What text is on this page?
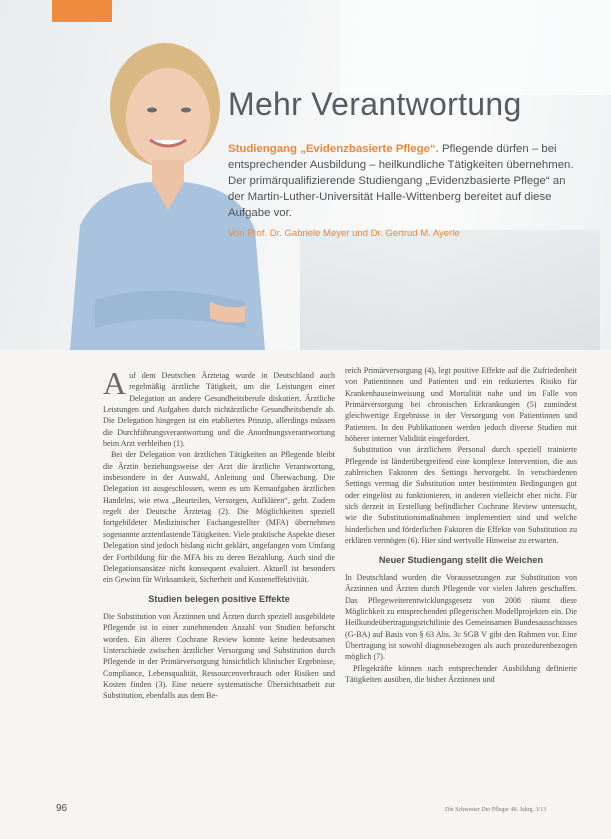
Mehr Verantwortung
Studiengang „Evidenzbasierte Pflege“. Pflegende dürfen – bei entsprechender Ausbildung – heilkundliche Tätigkeiten übernehmen. Der primärqualifizierende Studiengang „Evidenzbasierte Pflege“ an der Martin-Luther-Universität Halle-Wittenberg bereitet auf diese Aufgabe vor.
Von Prof. Dr. Gabriele Meyer und Dr. Gertrud M. Ayerle

Auf dem Deutschen Ärztetag wurde in Deutschland auch regelmäßig ärztliche Tätigkeit, um die Leistungen einer Delegation an andere Gesundheitsberufe diskutiert. Ärztliche Leistungen und Aufgaben durch nichtärztliche Gesundheitsberufe ab. Die Delegation hingegen ist ein etabliertes Prinzip, allerdings müssen die Durchführungsverantwortung und die Anordnungsverantwortung beim Arzt verbleiben (1).

Bei der Delegation von ärztlichen Tätigkeiten an Pflegende bleibt die Ärztin beziehungsweise der Arzt die ärztliche Verantwortung, insbesondere in der Auswahl, Anleitung und Überwachung. Die Delegation ist ausgeschlossen, wenn es um Kernaufgaben ärztlichen Handelns, wie etwa „Beurteilen, Versorgen, Aufklären“, geht. Zudem regelt der Deutsche Ärztetag (2). Die Möglichkeiten speziell fortgebildeter Medizinischer Fachangestellter (MFA) übernehmen sogenannte arztentlastende Tätigkeiten. Viele praktische Aspekte dieser Delegation sind jedoch bislang nicht geklärt, angefangen vom Umfang der Fortbildung für die MFA bis zu deren Bezahlung. Auch sind die Delegationsansätze nicht konsequent evaluiert. Aktuell ist besonders ein Gewinn für Wirksamkeit, Sicherheit und Kosteneffektivität.

Studien belegen positive Effekte

Die Substitution von Ärztinnen und Ärzten durch speziell ausgebildete Pflegende ist in einer zunehmenden Anzahl von Studien beforscht worden. Ein älterer Cochrane Review konnte keine bedeutsamen Unterschiede zwischen ärztlicher Versorgung und Substitution durch Pflegende in der Primärversorgung hinsichtlich klinischer Ergebnisse, Compliance, Lebensqualität, Ressourcenverbrauch oder Risiken und Kosten finden (3). Eine neuere systematische Übersichtsarbeit zur Substitution, ebenfalls aus dem Be-

reich Primärversorgung (4), legt positive Effekte auf die Zufriedenheit von Patientinnen und Patienten und ein reduziertes Risiko für Krankenhauseinweisung und Mortalität nahe und im Falle von Primärversorgung bei chronischen Erkrankungen (5) zumindest gleichwertige Ergebnisse in der Versorgung von Patientinnen und Patienten. In den Publikationen werden jedoch diverse Studien mit höherer interner Validität eingefordert.

Substitution von ärztlichem Personal durch speziell trainierte Pflegende ist länderübergreifend eine komplexe Intervention, die aus zahlreichen Faktoren des Settings hervorgeht. In verschiedenen Settings vermag die Substitution unter bestimmten Bedingungen gut oder eingelöst zu funktionieren, in anderen vielleicht eher nicht. Für sich derzeit in Erstellung befindlicher Cochrane Review untersucht, wie die Substitutionsmaßnahmen implementiert sind und welche hinderlichen und förderlichen Faktoren die Effekte von Substitution zu erklären vermögen (6). Hier sind wertvolle Hinweise zu erwarten.

Neuer Studiengang stellt die Weichen

In Deutschland wurden die Voraussetzungen zur Substitution von Ärztinnen und Ärzten durch Pflegende vor vielen Jahren geschaffen. Das Pflegeweiterentwicklungsgesetz von 2008 räumt diese Möglichkeit zu entsprechenden pflegerischen Modellprojekten ein. Die Heilkundeübertragungsrichtlinie des Gemeinsamen Bundesausschusses (G-BA) auf Basis von § 63 Abs. 3c SGB V gibt den Rahmen vor. Eine Übertragung ist sowohl diagnosebezogen als auch prozedurenbezogen möglich (7).

Pflegekräfte können nach entsprechender Ausbildung definierte Tätigkeiten ausüben, die bisher Ärztinnen und

96	Die Schwester Der Pfleger 48. Jahrg. 3/13
